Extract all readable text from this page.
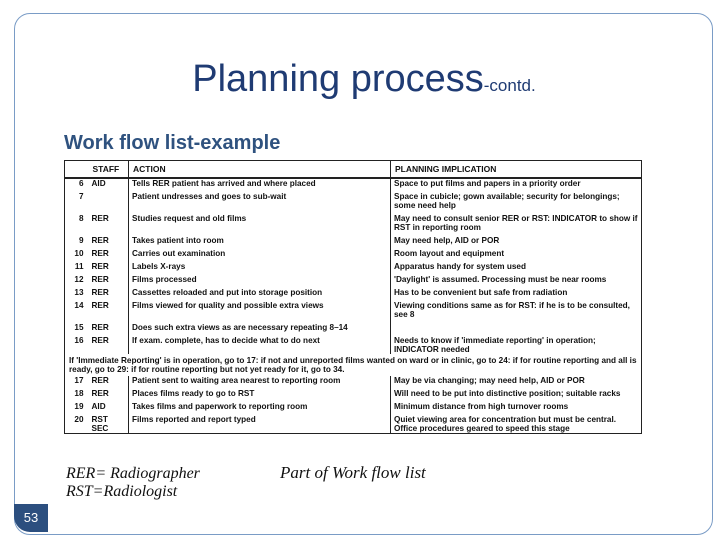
Planning process-contd.
Work flow list-example
	STAFF	ACTION	PLANNING IMPLICATION
6	AID	Tells RER patient has arrived and where placed	Space to put films and papers in a priority order
7		Patient undresses and goes to sub-wait	Space in cubicle; gown available; security for belongings; some need help
8	RER	Studies request and old films	May need to consult senior RER or RST: INDICATOR to show if RST in reporting room
9	RER	Takes patient into room	May need help, AID or POR
10	RER	Carries out examination	Room layout and equipment
11	RER	Labels X-rays	Apparatus handy for system used
12	RER	Films processed	'Daylight' is assumed. Processing must be near rooms
13	RER	Cassettes reloaded and put into storage position	Has to be convenient but safe from radiation
14	RER	Films viewed for quality and possible extra views	Viewing conditions same as for RST: if he is to be consulted, see 8
15	RER	Does such extra views as are necessary repeating 8–14	
16	RER	If exam. complete, has to decide what to do next	Needs to know if 'immediate reporting' in operation; INDICATOR needed
If 'Immediate Reporting' is in operation, go to 17: if not and unreported films wanted on ward or in clinic, go to 24: if for routine reporting and all is ready, go to 29: if for routine reporting but not yet ready for it, go to 34.			
17	RER	Patient sent to waiting area nearest to reporting room	May be via changing; may need help, AID or POR
18	RER	Places films ready to go to RST	Will need to be put into distinctive position; suitable racks
19	AID	Takes films and paperwork to reporting room	Minimum distance from high turnover rooms
20	RST
SEC	Films reported and report typed	Quiet viewing area for concentration but must be central. Office procedures geared to speed this stage
RER= Radiographer
RST=Radiologist
Part of Work flow list
53
